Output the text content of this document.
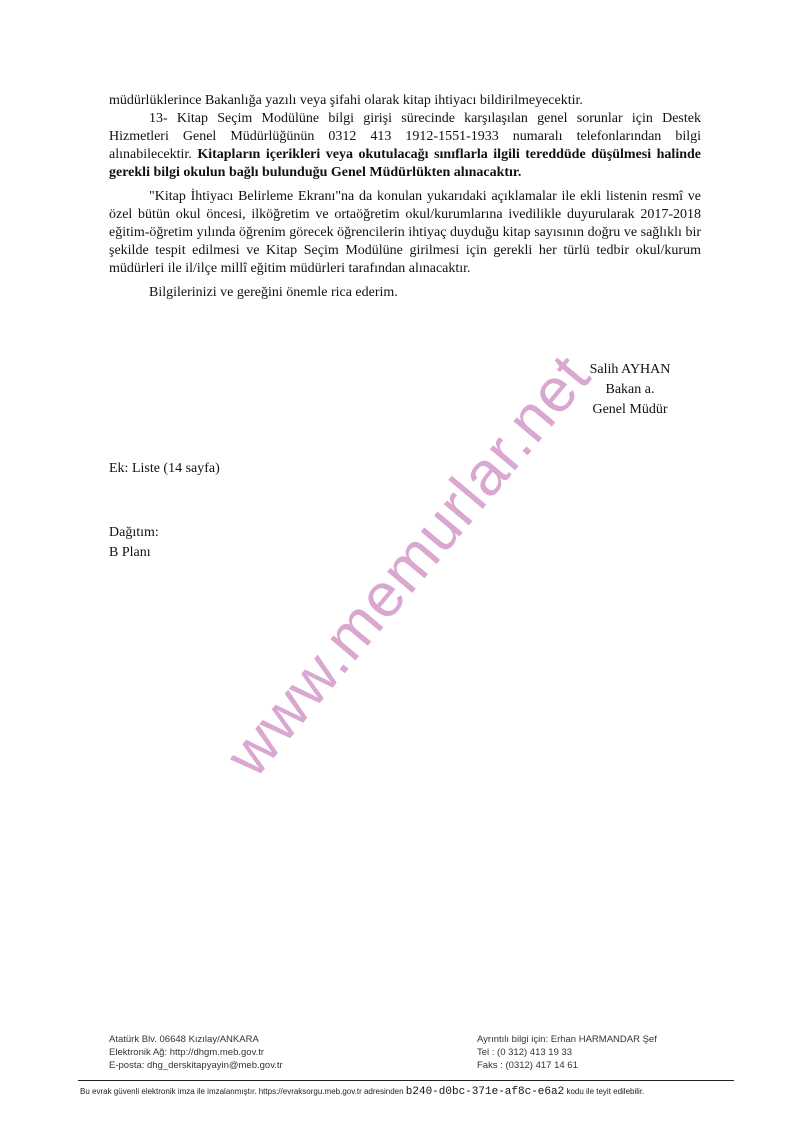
müdürlüklerince Bakanlığa yazılı veya şifahi olarak kitap ihtiyacı bildirilmeyecektir.

13- Kitap Seçim Modülüne bilgi girişi sürecinde karşılaşılan genel sorunlar için Destek Hizmetleri Genel Müdürlüğünün 0312 413 1912-1551-1933 numaralı telefonlarından bilgi alınabilecektir. Kitapların içerikleri veya okutulacağı sınıflarla ilgili tereddüde düşülmesi halinde gerekli bilgi okulun bağlı bulunduğu Genel Müdürlükten alınacaktır.

"Kitap İhtiyacı Belirleme Ekranı"na da konulan yukarıdaki açıklamalar ile ekli listenin resmî ve özel bütün okul öncesi, ilköğretim ve ortaöğretim okul/kurumlarına ivedilikle duyurularak 2017-2018 eğitim-öğretim yılında öğrenim görecek öğrencilerin ihtiyaç duyduğu kitap sayısının doğru ve sağlıklı bir şekilde tespit edilmesi ve Kitap Seçim Modülüne girilmesi için gerekli her türlü tedbir okul/kurum müdürleri ile il/ilçe millî eğitim müdürleri tarafından alınacaktır.

Bilgilerinizi ve gereğini önemle rica ederim.

Salih AYHAN
Bakan a.
Genel Müdür
Ek: Liste (14 sayfa)
Dağıtım:
B Planı www.memurlar.net
Atatürk Blv. 06648 Kızılay/ANKARA
Elektronik Ağ: http://dhgm.meb.gov.tr
E-posta: dhg_derskitapyayin@meb.gov.tr
Ayrıntılı bilgi için: Erhan HARMANDAR Şef
Tel : (0 312) 413 19 33
Faks : (0312) 417 14 61
Bu evrak güvenli elektronik imza ile imzalanmıştır. https://evraksorgu.meb.gov.tr adresinden b240-d0bc-371e-af8c-e6a2 kodu ile teyit edilebilir.
